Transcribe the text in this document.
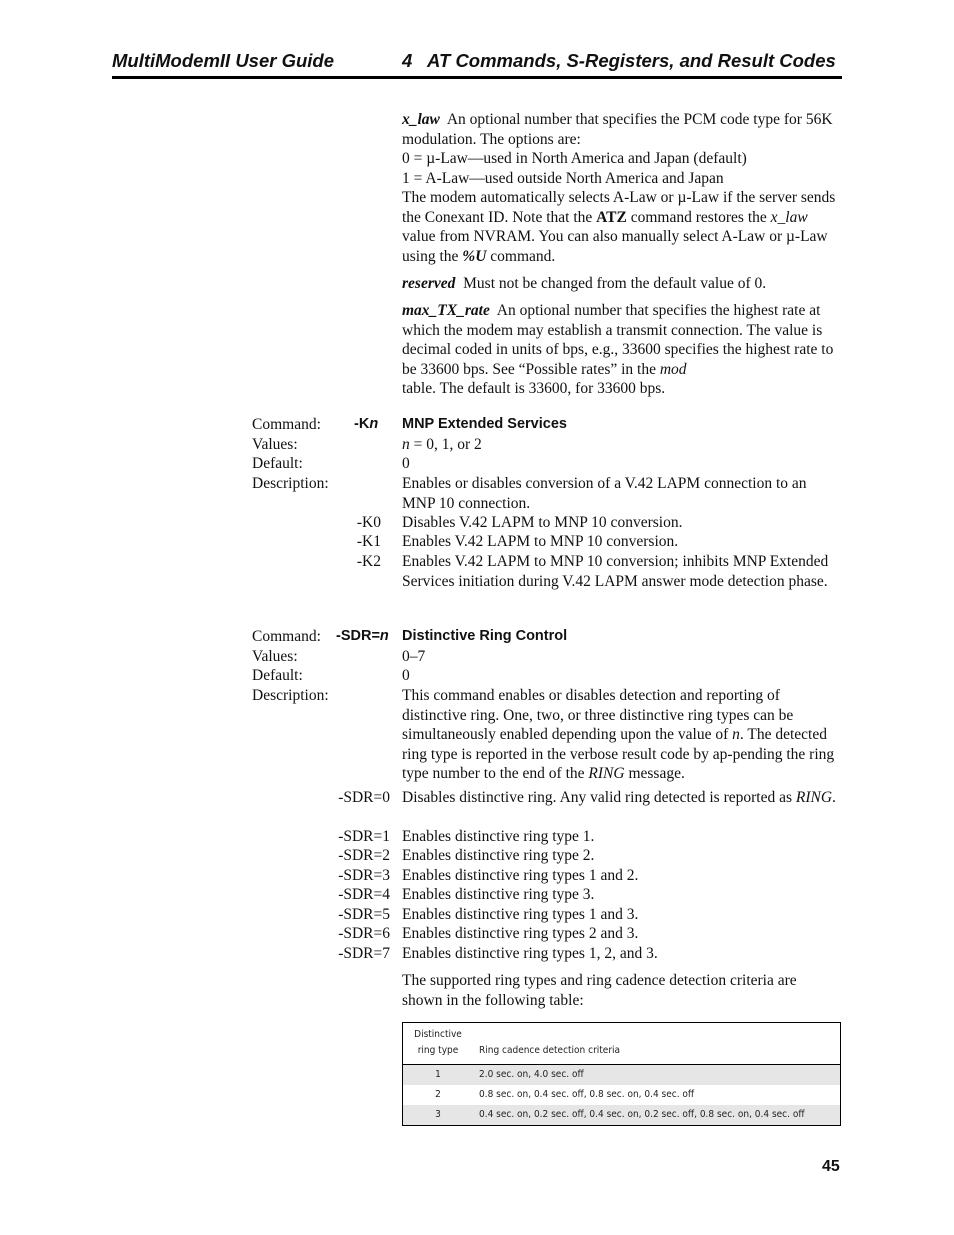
MultiModemII User Guide	4   AT Commands, S-Registers, and Result Codes
x_law An optional number that specifies the PCM code type for 56K modulation. The options are:
0 = µ-Law—used in North America and Japan (default)
1 = A-Law—used outside North America and Japan
The modem automatically selects A-Law or µ-Law if the server sends the Conexant ID. Note that the ATZ command restores the x_law value from NVRAM. You can also manually select A-Law or µ-Law using the %U command.
reserved Must not be changed from the default value of 0.
max_TX_rate An optional number that specifies the highest rate at which the modem may establish a transmit connection. The value is decimal coded in units of bps, e.g., 33600 specifies the highest rate to be 33600 bps. See “Possible rates” in the mod
table. The default is 33600, for 33600 bps.
Command: -Kn MNP Extended Services
Values:	n = 0, 1, or 2
Default:	0
Description:	Enables or disables conversion of a V.42 LAPM connection to an MNP 10 connection.
-K0 Disables V.42 LAPM to MNP 10 conversion.
-K1 Enables V.42 LAPM to MNP 10 conversion.
-K2 Enables V.42 LAPM to MNP 10 conversion; inhibits MNP Extended Services initiation during V.42 LAPM answer mode detection phase.
Command: -SDR=n Distinctive Ring Control
Values:	0–7
Default:	0
Description:	This command enables or disables detection and reporting of distinctive ring. One, two, or three distinctive ring types can be simultaneously enabled depending upon the value of n. The detected ring type is reported in the verbose result code by ap-pending the ring type number to the end of the RING message.
-SDR=0 Disables distinctive ring. Any valid ring detected is reported as RING.
-SDR=1 Enables distinctive ring type 1.
-SDR=2 Enables distinctive ring type 2.
-SDR=3 Enables distinctive ring types 1 and 2.
-SDR=4 Enables distinctive ring type 3.
-SDR=5 Enables distinctive ring types 1 and 3.
-SDR=6 Enables distinctive ring types 2 and 3.
-SDR=7 Enables distinctive ring types 1, 2, and 3.
The supported ring types and ring cadence detection criteria are shown in the following table:
Distinctive
ring type	Ring cadence detection criteria
1	2.0 sec. on, 4.0 sec. off
2	0.8 sec. on, 0.4 sec. off, 0.8 sec. on, 0.4 sec. off
3	0.4 sec. on, 0.2 sec. off, 0.4 sec. on, 0.2 sec. off, 0.8 sec. on, 0.4 sec. off
45
